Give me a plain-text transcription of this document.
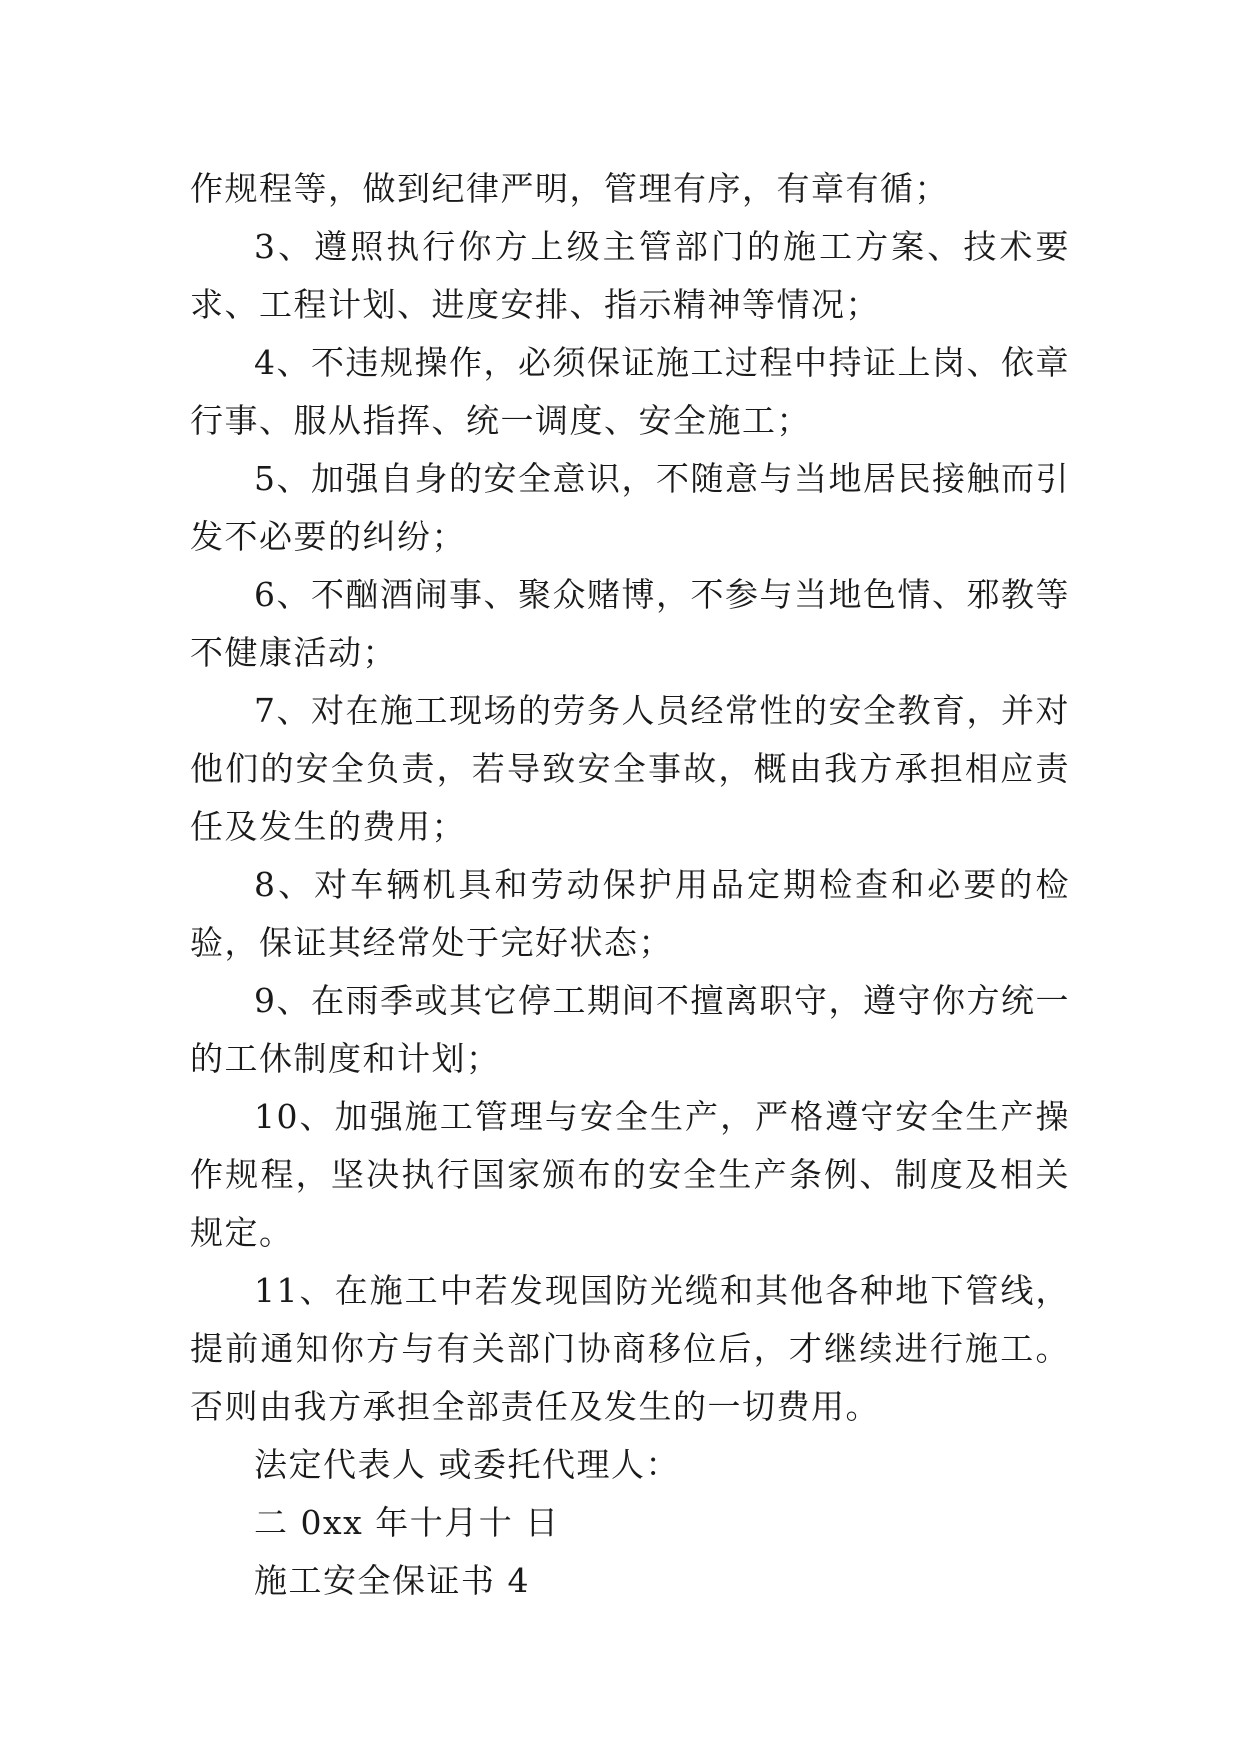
作规程等，做到纪律严明，管理有序，有章有循；

3、遵照执行你方上级主管部门的施工方案、技术要求、工程计划、进度安排、指示精神等情况；

4、不违规操作，必须保证施工过程中持证上岗、依章行事、服从指挥、统一调度、安全施工；

5、加强自身的安全意识，不随意与当地居民接触而引发不必要的纠纷；

6、不酗酒闹事、聚众赌博，不参与当地色情、邪教等不健康活动；

7、对在施工现场的劳务人员经常性的安全教育，并对他们的安全负责，若导致安全事故，概由我方承担相应责任及发生的费用；

8、对车辆机具和劳动保护用品定期检查和必要的检验，保证其经常处于完好状态；

9、在雨季或其它停工期间不擅离职守，遵守你方统一的工休制度和计划；

10、加强施工管理与安全生产，严格遵守安全生产操作规程，坚决执行国家颁布的安全生产条例、制度及相关规定。

11、在施工中若发现国防光缆和其他各种地下管线，提前通知你方与有关部门协商移位后，才继续进行施工。否则由我方承担全部责任及发生的一切费用。

法定代表人 或委托代理人：

二 0xx 年十月十 日

施工安全保证书 4
